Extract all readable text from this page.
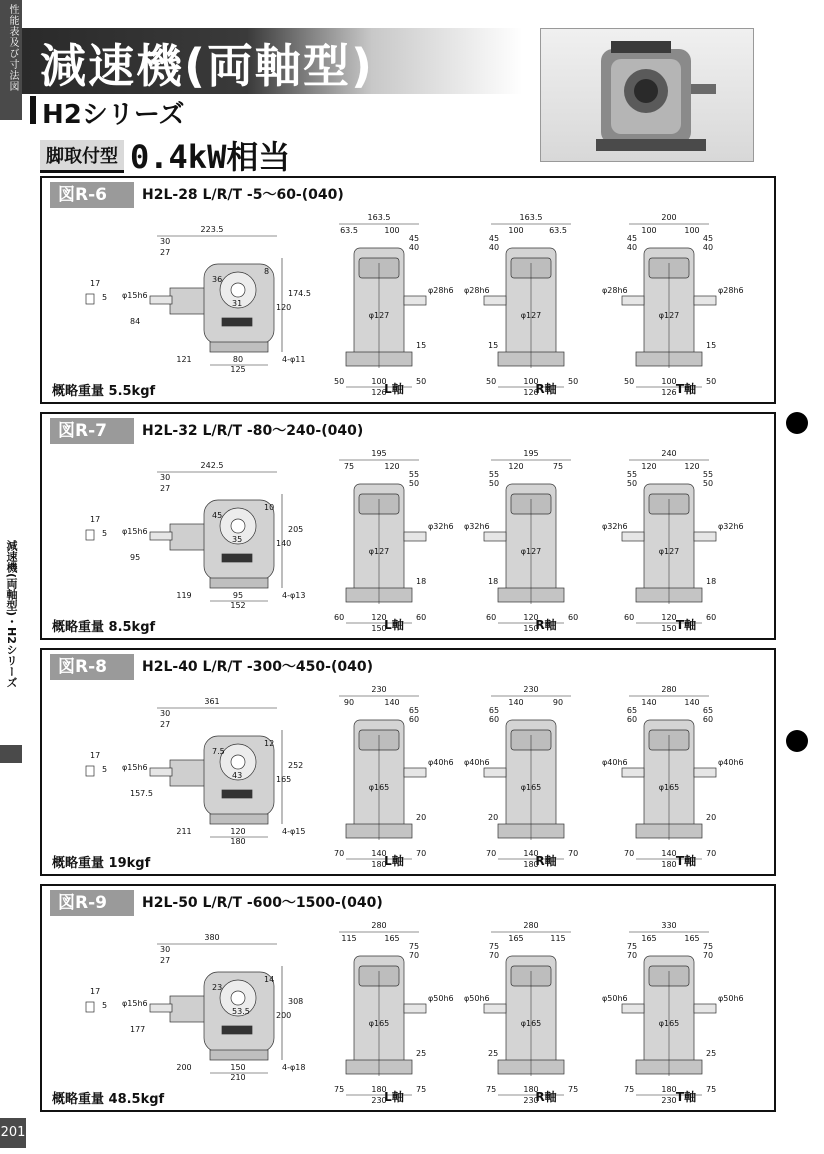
性能表及び寸法図 減速機(両軸型)
H2シリーズ
脚取付型 0.4kW相当
減速機(両軸型)・H2シリーズ
201
図R-6	H2L-28 L/R/T -5～60-(040)
概略重量 5.5kgf
17
5
223.5
30
27
φ15h6
36
31
8
174.5
120
84
121	80
125
4-φ11
163.5
63.5	100
45
40
φ127
φ28h6
100
126
15
50
50
163.5
100	63.5
45
40
φ127
φ28h6
100
126
15
50
50
200
100	100
45
40
45
40
φ127
φ28h6
φ28h6
100
126
15
50
50
L軸	R軸	T軸
図R-7	H2L-32 L/R/T -80～240-(040)
概略重量 8.5kgf
17
5
242.5
30
27
φ15h6
45
35
10
205
140
95
119	95
152
4-φ13
195
75	120
55
50
φ127
φ32h6
120
150
18
60
60
195
120	75
55
50
φ127
φ32h6
120
150
18
60
60
240
120	120
55
50
55
50
φ127
φ32h6
φ32h6
120
150
18
60
60
L軸	R軸	T軸
図R-8	H2L-40 L/R/T -300～450-(040)
概略重量 19kgf
17
5
361
30
27
φ15h6
7.5
43
12
252
165
157.5
211	120
180
4-φ15
230
90	140
65
60
φ165
φ40h6
140
180
20
70
70
230
140	90
65
60
φ165
φ40h6
140
180
20
70
70
280
140	140
65
60
65
60
φ165
φ40h6
φ40h6
140
180
20
70
70
L軸	R軸	T軸
図R-9	H2L-50 L/R/T -600～1500-(040)
概略重量 48.5kgf
17
5
380
30
27
φ15h6
23
53.5
14
308
200
177
200	150
210
4-φ18
280
115	165
75
70
φ165
φ50h6
180
230
25
75
75
280
165	115
75
70
φ165
φ50h6
180
230
25
75
75
330
165	165
75
70
75
70
φ165
φ50h6
φ50h6
180
230
25
75
75
L軸	R軸	T軸
